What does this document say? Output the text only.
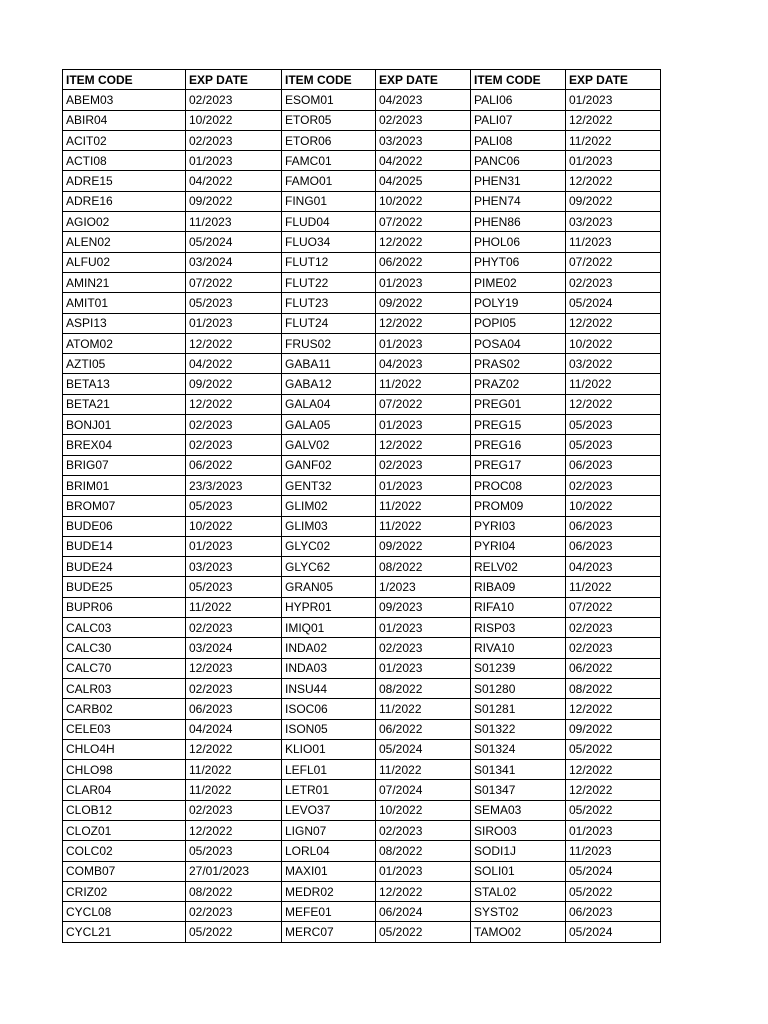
ITEM CODE	EXP DATE	ITEM CODE	EXP DATE	ITEM CODE	EXP DATE
ABEM03	02/2023	ESOM01	04/2023	PALI06	01/2023
ABIR04	10/2022	ETOR05	02/2023	PALI07	12/2022
ACIT02	02/2023	ETOR06	03/2023	PALI08	11/2022
ACTI08	01/2023	FAMC01	04/2022	PANC06	01/2023
ADRE15	04/2022	FAMO01	04/2025	PHEN31	12/2022
ADRE16	09/2022	FING01	10/2022	PHEN74	09/2022
AGIO02	11/2023	FLUD04	07/2022	PHEN86	03/2023
ALEN02	05/2024	FLUO34	12/2022	PHOL06	11/2023
ALFU02	03/2024	FLUT12	06/2022	PHYT06	07/2022
AMIN21	07/2022	FLUT22	01/2023	PIME02	02/2023
AMIT01	05/2023	FLUT23	09/2022	POLY19	05/2024
ASPI13	01/2023	FLUT24	12/2022	POPI05	12/2022
ATOM02	12/2022	FRUS02	01/2023	POSA04	10/2022
AZTI05	04/2022	GABA11	04/2023	PRAS02	03/2022
BETA13	09/2022	GABA12	11/2022	PRAZ02	11/2022
BETA21	12/2022	GALA04	07/2022	PREG01	12/2022
BONJ01	02/2023	GALA05	01/2023	PREG15	05/2023
BREX04	02/2023	GALV02	12/2022	PREG16	05/2023
BRIG07	06/2022	GANF02	02/2023	PREG17	06/2023
BRIM01	23/3/2023	GENT32	01/2023	PROC08	02/2023
BROM07	05/2023	GLIM02	11/2022	PROM09	10/2022
BUDE06	10/2022	GLIM03	11/2022	PYRI03	06/2023
BUDE14	01/2023	GLYC02	09/2022	PYRI04	06/2023
BUDE24	03/2023	GLYC62	08/2022	RELV02	04/2023
BUDE25	05/2023	GRAN05	1/2023	RIBA09	11/2022
BUPR06	11/2022	HYPR01	09/2023	RIFA10	07/2022
CALC03	02/2023	IMIQ01	01/2023	RISP03	02/2023
CALC30	03/2024	INDA02	02/2023	RIVA10	02/2023
CALC70	12/2023	INDA03	01/2023	S01239	06/2022
CALR03	02/2023	INSU44	08/2022	S01280	08/2022
CARB02	06/2023	ISOC06	11/2022	S01281	12/2022
CELE03	04/2024	ISON05	06/2022	S01322	09/2022
CHLO4H	12/2022	KLIO01	05/2024	S01324	05/2022
CHLO98	11/2022	LEFL01	11/2022	S01341	12/2022
CLAR04	11/2022	LETR01	07/2024	S01347	12/2022
CLOB12	02/2023	LEVO37	10/2022	SEMA03	05/2022
CLOZ01	12/2022	LIGN07	02/2023	SIRO03	01/2023
COLC02	05/2023	LORL04	08/2022	SODI1J	11/2023
COMB07	27/01/2023	MAXI01	01/2023	SOLI01	05/2024
CRIZ02	08/2022	MEDR02	12/2022	STAL02	05/2022
CYCL08	02/2023	MEFE01	06/2024	SYST02	06/2023
CYCL21	05/2022	MERC07	05/2022	TAMO02	05/2024
